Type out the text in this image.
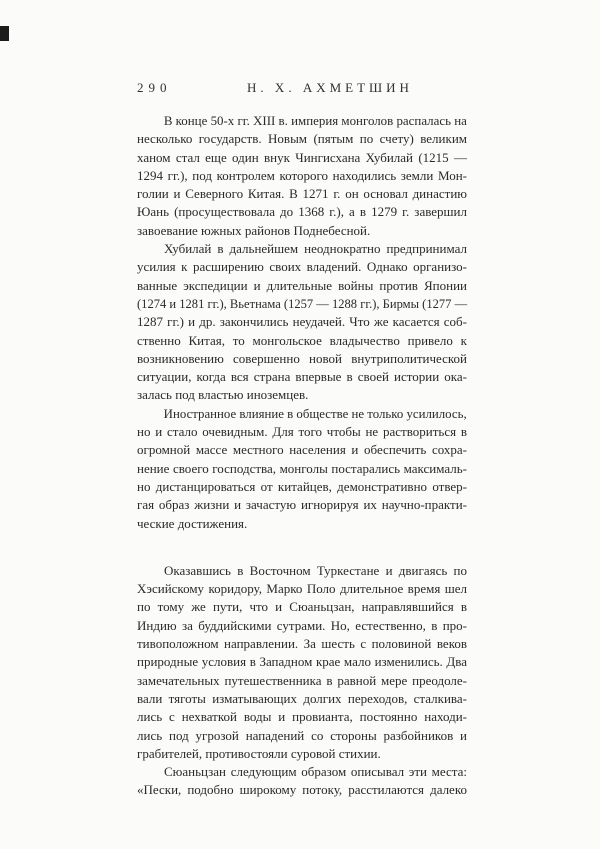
290	Н. Х. АХМЕТШИН
В конце 50-х гг. XIII в. империя монголов распалась на
несколько государств. Новым (пятым по счету) великим
ханом стал еще один внук Чингисхана Хубилай (1215 —
1294 гг.), под контролем которого находились земли Мон-
голии и Северного Китая. В 1271 г. он основал династию
Юань (просуществовала до 1368 г.), а в 1279 г. завершил
завоевание южных районов Поднебесной.
Хубилай в дальнейшем неоднократно предпринимал
усилия к расширению своих владений. Однако организо-
ванные экспедиции и длительные войны против Японии
(1274 и 1281 гг.), Вьетнама (1257 — 1288 гг.), Бирмы (1277 —
1287 гг.) и др. закончились неудачей. Что же касается соб-
ственно Китая, то монгольское владычество привело к
возникновению совершенно новой внутриполитической
ситуации, когда вся страна впервые в своей истории ока-
залась под властью иноземцев.
Иностранное влияние в обществе не только усилилось,
но и стало очевидным. Для того чтобы не раствориться в
огромной массе местного населения и обеспечить сохра-
нение своего господства, монголы постарались максималь-
но дистанцироваться от китайцев, демонстративно отвер-
гая образ жизни и зачастую игнорируя их научно-практи-
ческие достижения.
Оказавшись в Восточном Туркестане и двигаясь по
Хэсийскому коридору, Марко Поло длительное время шел
по тому же пути, что и Сюаньцзан, направлявшийся в
Индию за буддийскими сутрами. Но, естественно, в про-
тивоположном направлении. За шесть с половиной веков
природные условия в Западном крае мало изменились. Два
замечательных путешественника в равной мере преодоле-
вали тяготы изматывающих долгих переходов, сталкива-
лись с нехваткой воды и провианта, постоянно находи-
лись под угрозой нападений со стороны разбойников и
грабителей, противостояли суровой стихии.
Сюаньцзан следующим образом описывал эти места:
«Пески, подобно широкому потоку, расстилаются далеко
